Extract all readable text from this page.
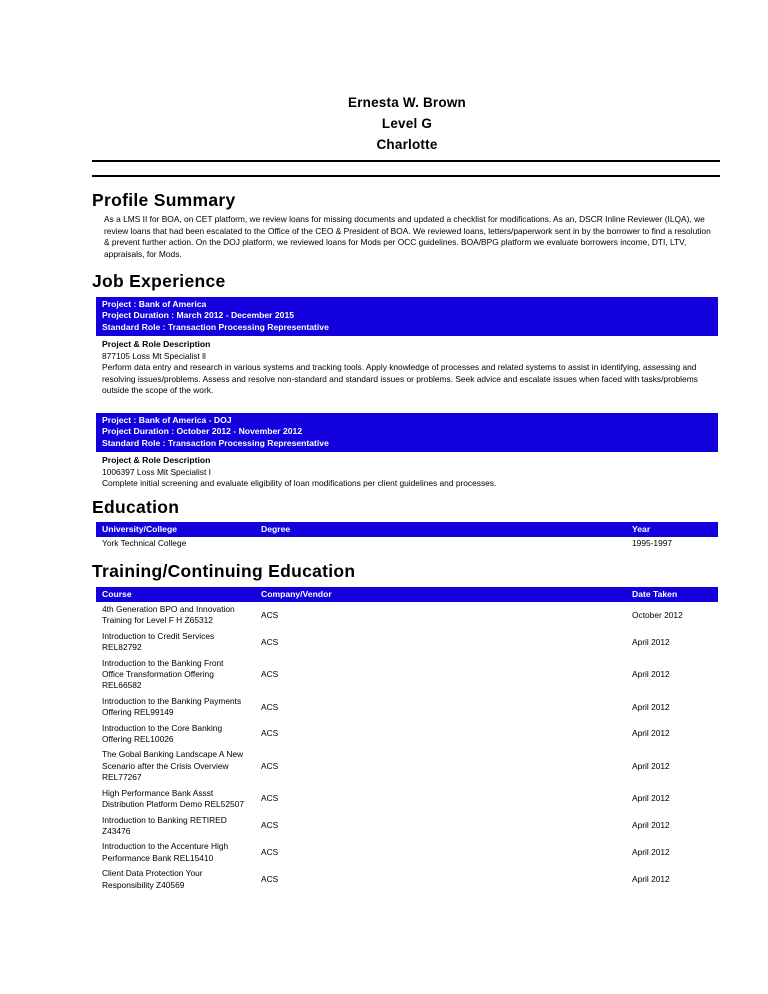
Ernesta W. Brown
Level G
Charlotte
Profile Summary
As a LMS II for BOA, on CET platform, we review loans for missing documents and updated a checklist for modifications. As an, DSCR Inline Reviewer (ILQA), we review loans that had been escalated to the Office of the CEO & President of BOA. We reviewed loans, letters/paperwork sent in by the borrower to find a resolution & prevent further action. On the DOJ platform, we reviewed loans for Mods per OCC guidelines. BOA/BPG platform we evaluate borrowers income, DTI, LTV, appraisals, for Mods.
Job Experience
Project : Bank of America
Project Duration : March 2012 - December 2015
Standard Role : Transaction Processing Representative
Project & Role Description
877105 Loss Mt Specialist ll
Perform data entry and research in various systems and tracking tools. Apply knowledge of processes and related systems to assist in identifying, assessing and resolving issues/problems. Assess and resolve non-standard and standard issues or problems. Seek advice and escalate issues when faced with tasks/problems outside the scope of the work.
Project : Bank of America - DOJ
Project Duration : October 2012 - November 2012
Standard Role : Transaction Processing Representative
Project & Role Description
1006397 Loss Mit Specialist I
Complete initial screening and evaluate eligibility of loan modifications per client guidelines and processes.
Education
University/College	Degree	Year
York Technical College		1995-1997
Training/Continuing Education
Course	Company/Vendor	Date Taken
4th Generation BPO and Innovation Training for Level F H Z65312	ACS	October 2012
Introduction to Credit Services REL82792	ACS	April 2012
Introduction to the Banking Front Office Transformation Offering REL66582	ACS	April 2012
Introduction to the Banking Payments Offering REL99149	ACS	April 2012
Introduction to the Core Banking Offering REL10026	ACS	April 2012
The Gobal Banking Landscape A New Scenario after the Crisis Overview REL77267	ACS	April 2012
High Performance Bank Assst Distribution Platform Demo REL52507	ACS	April 2012
Introduction to Banking RETIRED Z43476	ACS	April 2012
Introduction to the Accenture High Performance Bank REL15410	ACS	April 2012
Client Data Protection Your Responsibility Z40569	ACS	April 2012
